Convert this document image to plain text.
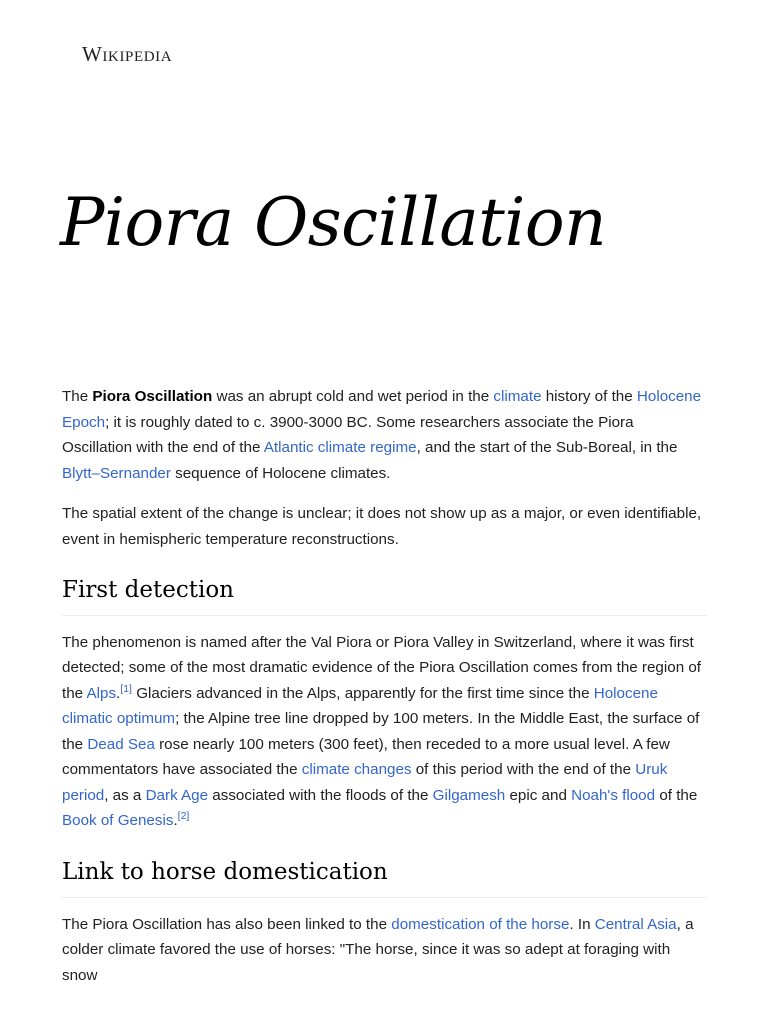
Wikipedia
Piora Oscillation

The Piora Oscillation was an abrupt cold and wet period in the climate history of the Holocene Epoch; it is roughly dated to c. 3900-3000 BC. Some researchers associate the Piora Oscillation with the end of the Atlantic climate regime, and the start of the Sub-Boreal, in the Blytt–Sernander sequence of Holocene climates.

The spatial extent of the change is unclear; it does not show up as a major, or even identifiable, event in hemispheric temperature reconstructions.

First detection

The phenomenon is named after the Val Piora or Piora Valley in Switzerland, where it was first detected; some of the most dramatic evidence of the Piora Oscillation comes from the region of the Alps.[1] Glaciers advanced in the Alps, apparently for the first time since the Holocene climatic optimum; the Alpine tree line dropped by 100 meters. In the Middle East, the surface of the Dead Sea rose nearly 100 meters (300 feet), then receded to a more usual level. A few commentators have associated the climate changes of this period with the end of the Uruk period, as a Dark Age associated with the floods of the Gilgamesh epic and Noah's flood of the Book of Genesis.[2]

Link to horse domestication

The Piora Oscillation has also been linked to the domestication of the horse. In Central Asia, a colder climate favored the use of horses: "The horse, since it was so adept at foraging with snow
